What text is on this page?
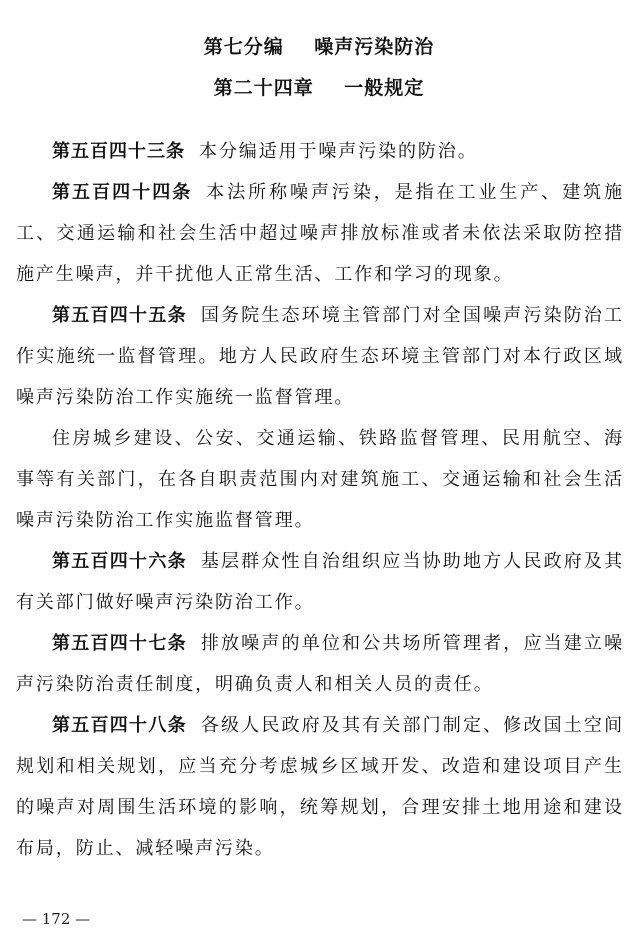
第七分编    噪声污染防治
第二十四章    一般规定

第五百四十三条 本分编适用于噪声污染的防治。

第五百四十四条 本法所称噪声污染，是指在工业生产、建筑施工、交通运输和社会生活中超过噪声排放标准或者未依法采取防控措施产生噪声，并干扰他人正常生活、工作和学习的现象。

第五百四十五条 国务院生态环境主管部门对全国噪声污染防治工作实施统一监督管理。地方人民政府生态环境主管部门对本行政区域噪声污染防治工作实施统一监督管理。

住房城乡建设、公安、交通运输、铁路监督管理、民用航空、海事等有关部门，在各自职责范围内对建筑施工、交通运输和社会生活噪声污染防治工作实施监督管理。

第五百四十六条 基层群众性自治组织应当协助地方人民政府及其有关部门做好噪声污染防治工作。

第五百四十七条 排放噪声的单位和公共场所管理者，应当建立噪声污染防治责任制度，明确负责人和相关人员的责任。

第五百四十八条 各级人民政府及其有关部门制定、修改国土空间规划和相关规划，应当充分考虑城乡区域开发、改造和建设项目产生的噪声对周围生活环境的影响，统筹规划，合理安排土地用途和建设布局，防止、减轻噪声污染。

— 172 —
